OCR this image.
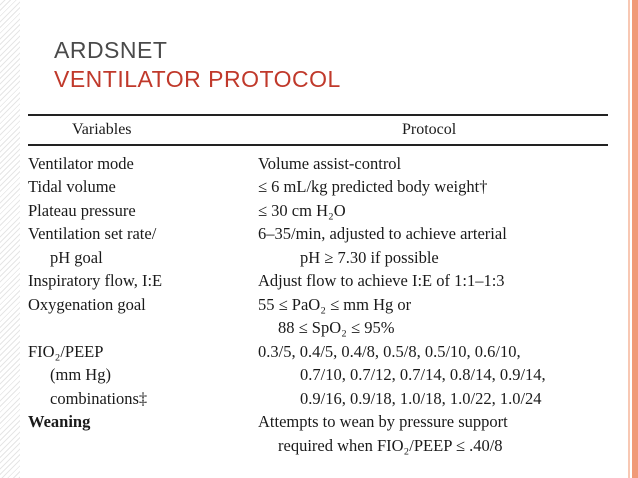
ARDSNET
VENTILATOR PROTOCOL
Variables	Protocol
Ventilator mode	Volume assist-control
Tidal volume	≤ 6 mL/kg predicted body weight†
Plateau pressure	≤ 30 cm H₂O
Ventilation set rate/	6–35/min, adjusted to achieve arterial
pH goal	pH ≥ 7.30 if possible
Inspiratory flow, I:E	Adjust flow to achieve I:E of 1:1–1:3
Oxygenation goal	55 ≤ PaO₂ ≤ mm Hg or
88 ≤ SpO₂ ≤ 95%
FIO₂/PEEP	0.3/5, 0.4/5, 0.4/8, 0.5/8, 0.5/10, 0.6/10,
(mm Hg)	0.7/10, 0.7/12, 0.7/14, 0.8/14, 0.9/14,
combinations‡	0.9/16, 0.9/18, 1.0/18, 1.0/22, 1.0/24
Weaning	Attempts to wean by pressure support
required when FIO₂/PEEP ≤ .40/8
